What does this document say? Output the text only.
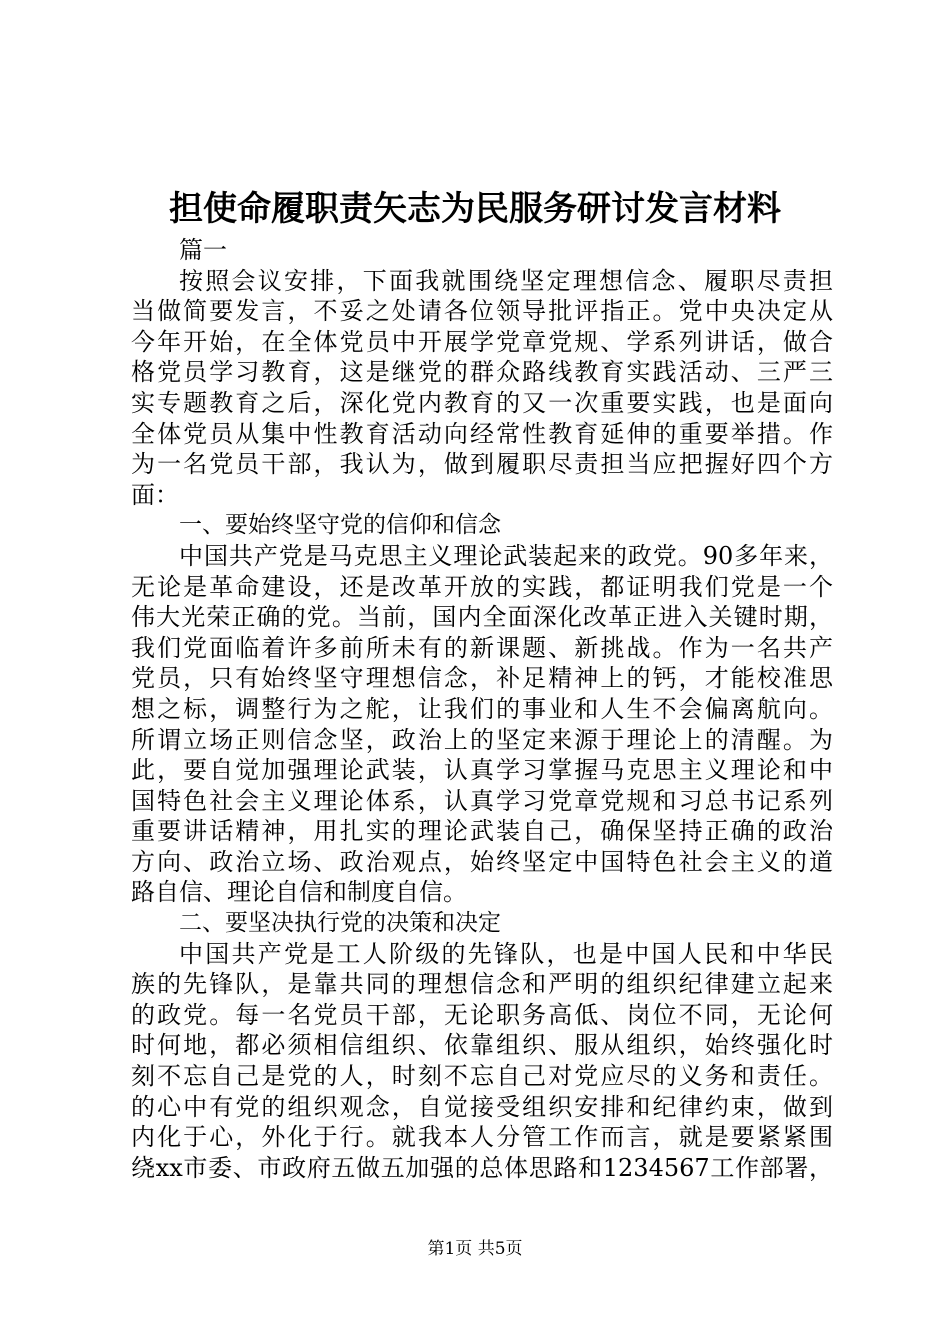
担使命履职责矢志为民服务研讨发言材料
篇一
按照会议安排，下面我就围绕坚定理想信念、履职尽责担
当做简要发言，不妥之处请各位领导批评指正。党中央决定从
今年开始，在全体党员中开展学党章党规、学系列讲话，做合
格党员学习教育，这是继党的群众路线教育实践活动、三严三
实专题教育之后，深化党内教育的又一次重要实践，也是面向
全体党员从集中性教育活动向经常性教育延伸的重要举措。作
为一名党员干部，我认为，做到履职尽责担当应把握好四个方
面：
一、要始终坚守党的信仰和信念
中国共产党是马克思主义理论武装起来的政党。90多年来，
无论是革命建设，还是改革开放的实践，都证明我们党是一个
伟大光荣正确的党。当前，国内全面深化改革正进入关键时期，
我们党面临着许多前所未有的新课题、新挑战。作为一名共产
党员，只有始终坚守理想信念，补足精神上的钙，才能校准思
想之标，调整行为之舵，让我们的事业和人生不会偏离航向。
所谓立场正则信念坚，政治上的坚定来源于理论上的清醒。为
此，要自觉加强理论武装，认真学习掌握马克思主义理论和中
国特色社会主义理论体系，认真学习党章党规和习总书记系列
重要讲话精神，用扎实的理论武装自己，确保坚持正确的政治
方向、政治立场、政治观点，始终坚定中国特色社会主义的道
路自信、理论自信和制度自信。
二、要坚决执行党的决策和决定
中国共产党是工人阶级的先锋队，也是中国人民和中华民
族的先锋队，是靠共同的理想信念和严明的组织纪律建立起来
的政党。每一名党员干部，无论职务高低、岗位不同，无论何
时何地，都必须相信组织、依靠组织、服从组织，始终强化时
刻不忘自己是党的人，时刻不忘自己对党应尽的义务和责任。
的心中有党的组织观念，自觉接受组织安排和纪律约束，做到
内化于心，外化于行。就我本人分管工作而言，就是要紧紧围
绕xx市委、市政府五做五加强的总体思路和1234567工作部署，
第1页 共5页
